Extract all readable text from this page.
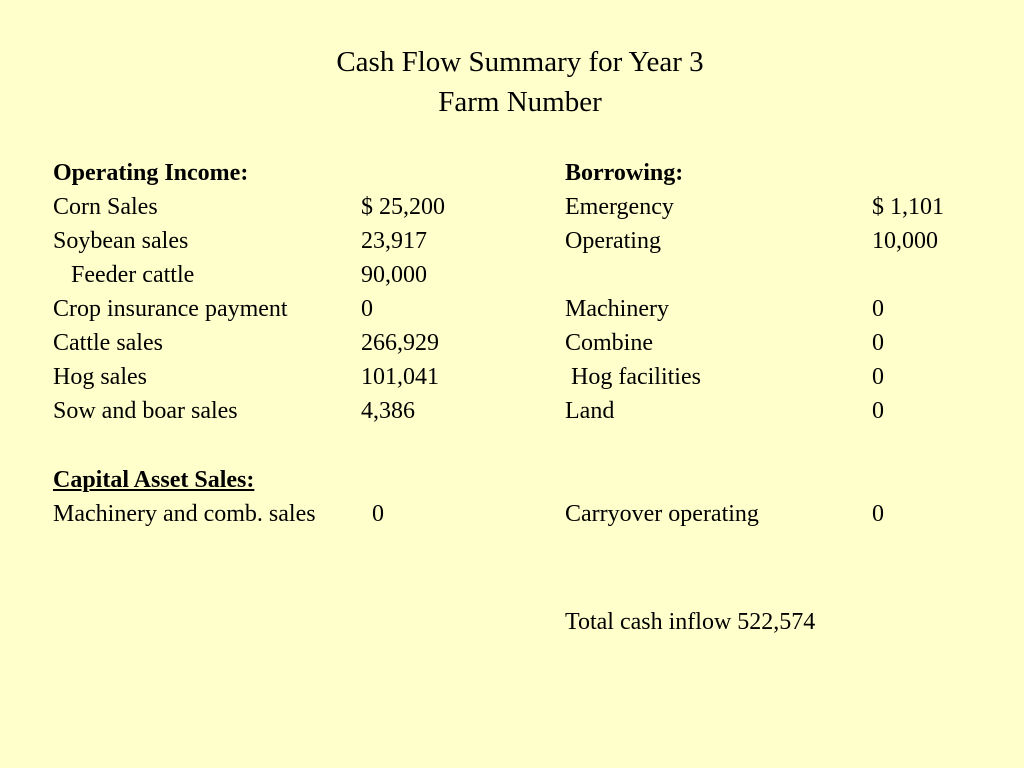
Cash Flow Summary for Year 3
Farm Number
Operating Income:
Corn Sales	$ 25,200
Soybean sales	23,917
Feeder cattle	90,000
Crop insurance payment	0
Cattle sales	266,929
Hog sales	101,041
Sow and boar sales	4,386
Capital Asset Sales:
Machinery and comb. sales 0
Borrowing:
Emergency	$ 1,101
Operating	10,000
Machinery	0
Combine	0
Hog facilities	0
Land	0
Carryover operating	0
Total cash inflow 522,574
